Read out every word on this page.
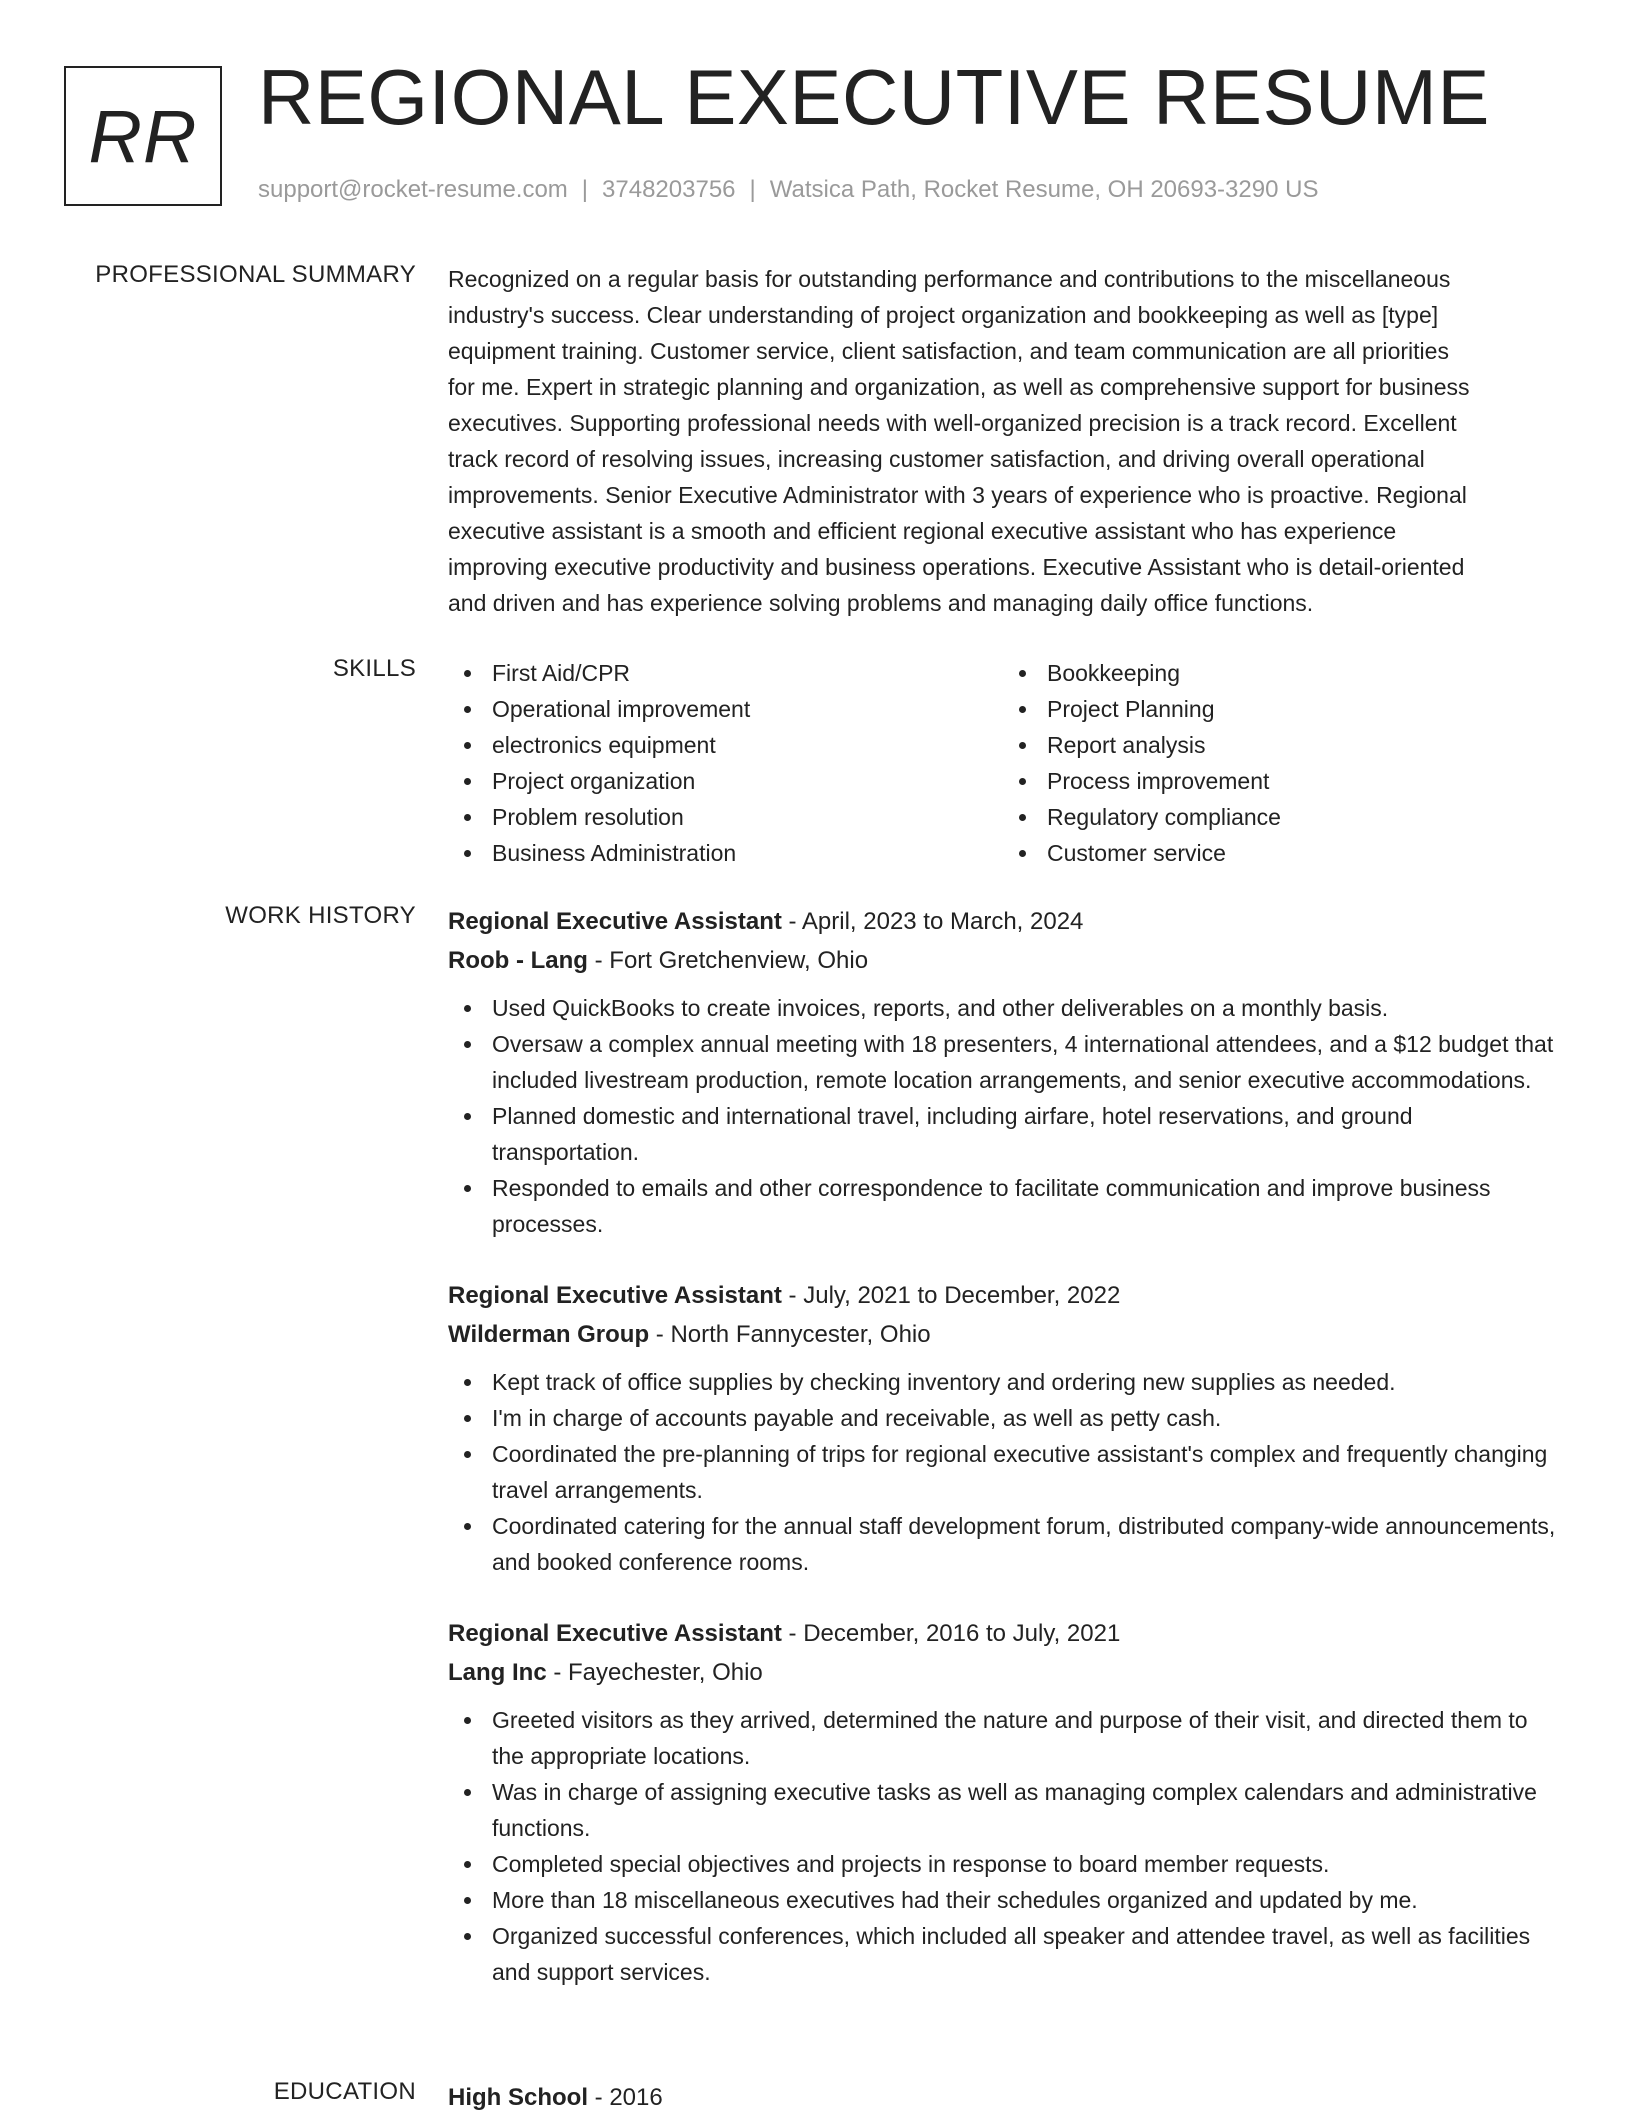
RR REGIONAL EXECUTIVE RESUME
support@rocket-resume.com | 3748203756 | Watsica Path, Rocket Resume, OH 20693-3290 US
PROFESSIONAL SUMMARY Recognized on a regular basis for outstanding performance and contributions to the miscellaneous

industry's success. Clear understanding of project organization and bookkeeping as well as [type]

equipment training. Customer service, client satisfaction, and team communication are all priorities

for me. Expert in strategic planning and organization, as well as comprehensive support for business

executives. Supporting professional needs with well-organized precision is a track record. Excellent

track record of resolving issues, increasing customer satisfaction, and driving overall operational

improvements. Senior Executive Administrator with 3 years of experience who is proactive. Regional

executive assistant is a smooth and efficient regional executive assistant who has experience

improving executive productivity and business operations. Executive Assistant who is detail-oriented

and driven and has experience solving problems and managing daily office functions.

SKILLS	First Aid/CPR
Operational improvement
electronics equipment
Project organization
Problem resolution
Business Administration
Bookkeeping
Project Planning
Report analysis
Process improvement
Regulatory compliance
Customer service
WORK HISTORY Regional Executive Assistant - April, 2023 to March, 2024
Roob - Lang - Fort Gretchenview, Ohio
Used QuickBooks to create invoices, reports, and other deliverables on a monthly basis.
Oversaw a complex annual meeting with 18 presenters, 4 international attendees, and a $12 budget that included livestream production, remote location arrangements, and senior executive accommodations.
Planned domestic and international travel, including airfare, hotel reservations, and ground transportation.
Responded to emails and other correspondence to facilitate communication and improve business processes.
Regional Executive Assistant - July, 2021 to December, 2022
Wilderman Group - North Fannycester, Ohio
Kept track of office supplies by checking inventory and ordering new supplies as needed.
I'm in charge of accounts payable and receivable, as well as petty cash.
Coordinated the pre-planning of trips for regional executive assistant's complex and frequently changing travel arrangements.
Coordinated catering for the annual staff development forum, distributed company-wide announcements, and booked conference rooms.
Regional Executive Assistant - December, 2016 to July, 2021
Lang Inc - Fayechester, Ohio
Greeted visitors as they arrived, determined the nature and purpose of their visit, and directed them to the appropriate locations.
Was in charge of assigning executive tasks as well as managing complex calendars and administrative functions.
Completed special objectives and projects in response to board member requests.
More than 18 miscellaneous executives had their schedules organized and updated by me.
Organized successful conferences, which included all speaker and attendee travel, as well as facilities and support services.
EDUCATION High School - 2016
